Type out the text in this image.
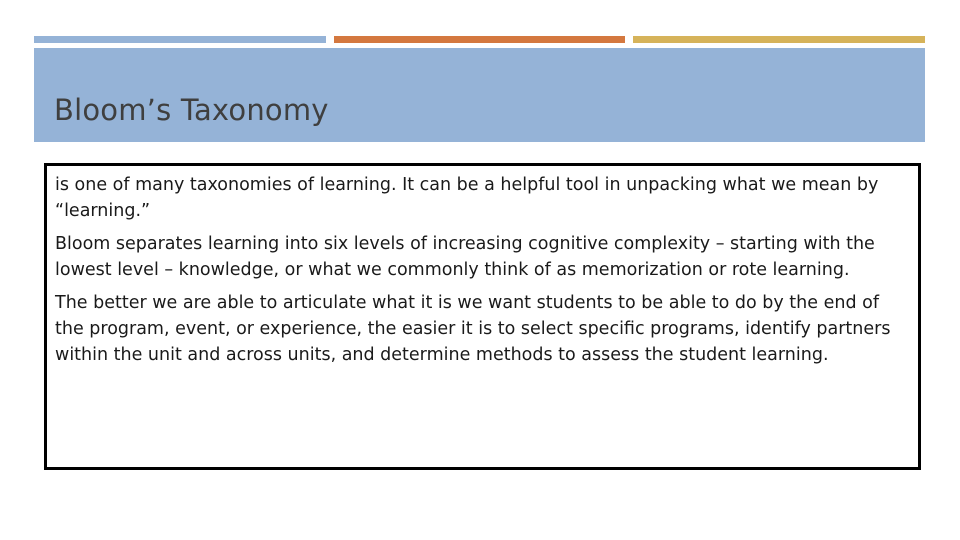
Bloom’s Taxonomy

is one of many taxonomies of learning. It can be a helpful tool in unpacking what we mean by “learning.”

Bloom separates learning into six levels of increasing cognitive complexity – starting with the lowest level – knowledge, or what we commonly think of as memorization or rote learning.

The better we are able to articulate what it is we want students to be able to do by the end of the program, event, or experience, the easier it is to select specific programs, identify partners within the unit and across units, and determine methods to assess the student learning.
